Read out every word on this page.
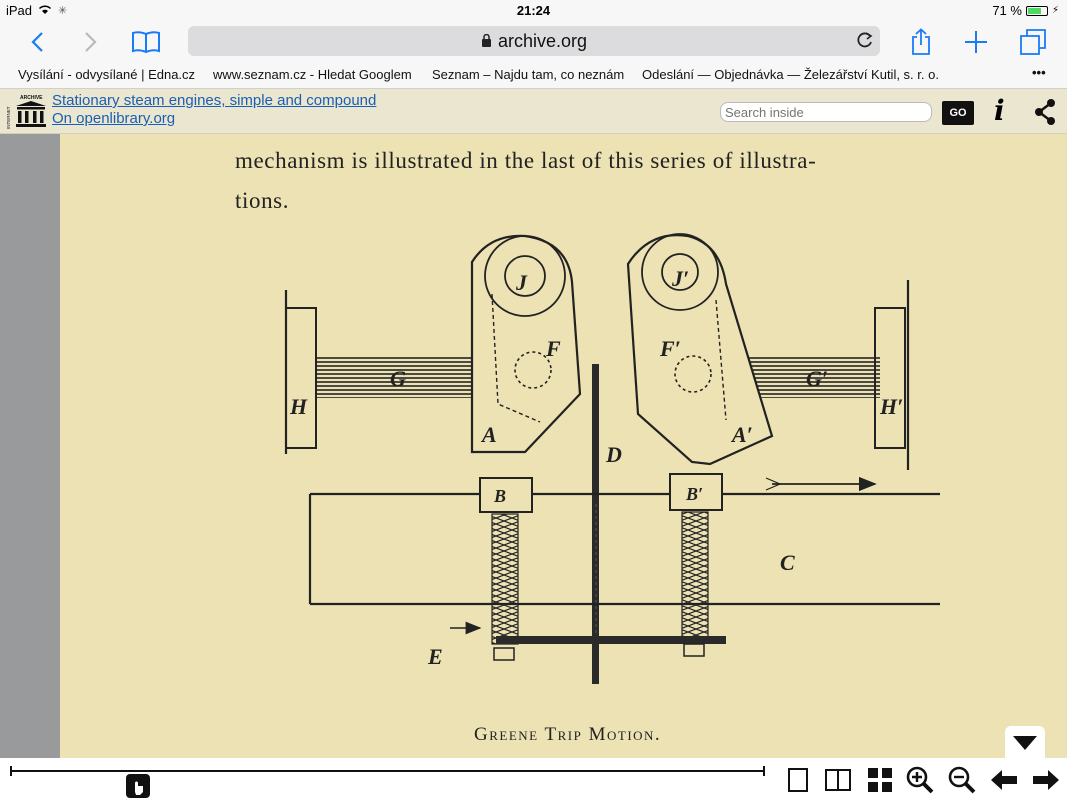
iPad ✳	21:24	71 %	⚡
archive.org
Vysílání - odvysílané | Edna.cz www.seznam.cz - Hledat Googlem Seznam – Najdu tam, co neznám Odeslání — Objednávka — Železářství Kutil, s. r. o.	•••
ARCHIVE
INTERNET
Stationary steam engines, simple and compound
On openlibrary.org
Search inside	GO i
mechanism is illustrated in the last of this series of illustra-
tions.
J	J′
F	F′
G	G′
H	H′
A	A′
B	B′
D
C
E
Greene Trip Motion.
